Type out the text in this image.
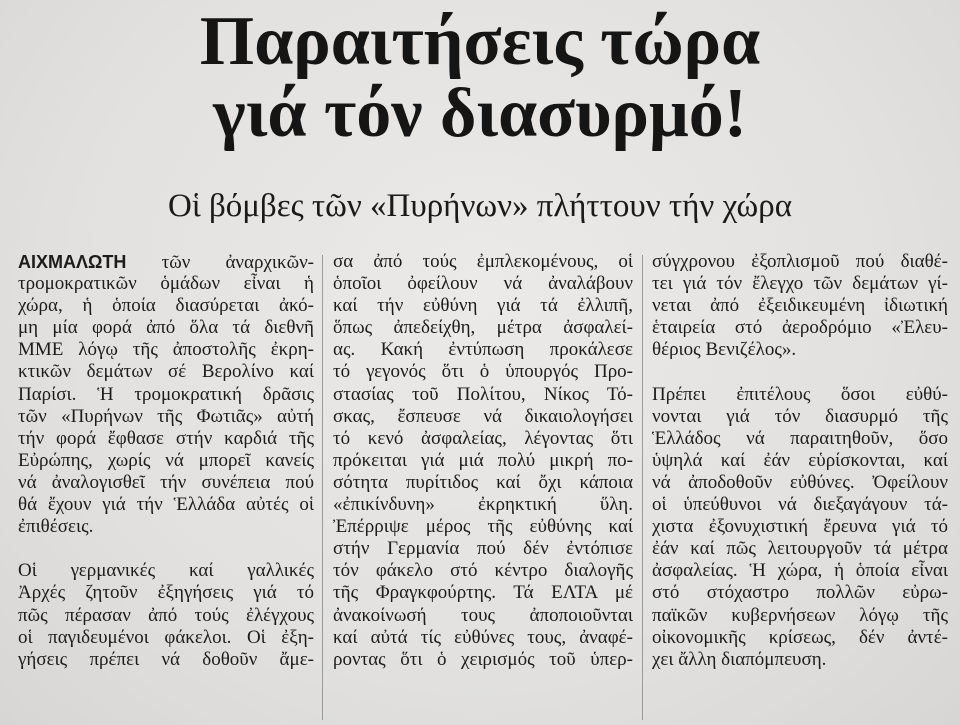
Παραιτήσεις τώρα
γιά τόν διασυρμό!
Οἱ βόμβες τῶν «Πυρήνων» πλήττουν τήν χώρα
ΑΙΧΜΑΛΩΤΗ τῶν ἀναρχικῶν-
τρομοκρατικῶν ὁμάδων εἶναι ἡ
χώρα, ἡ ὁποία διασύρεται ἀκό-
μη μία φορά ἀπό ὅλα τά διεθνῆ
ΜΜΕ λόγῳ τῆς ἀποστολῆς ἐκρη-
κτικῶν δεμάτων σέ Βερολίνο καί
Παρίσι. Ἡ τρομοκρατική δρᾶσις
τῶν «Πυρήνων τῆς Φωτιᾶς» αὐτή
τήν φορά ἔφθασε στήν καρδιά τῆς
Εὐρώπης, χωρίς νά μπορεῖ κανείς
νά ἀναλογισθεῖ τήν συνέπεια πού
θά ἔχουν γιά τήν Ἑλλάδα αὐτές οἱ
ἐπιθέσεις.
Οἱ γερμανικές καί γαλλικές
Ἀρχές ζητοῦν ἐξηγήσεις γιά τό
πῶς πέρασαν ἀπό τούς ἐλέγχους
οἱ παγιδευμένοι φάκελοι. Οἱ ἐξη-
γήσεις πρέπει νά δοθοῦν ἄμε-
σα ἀπό τούς ἐμπλεκομένους, οἱ
ὁποῖοι ὀφείλουν νά ἀναλάβουν
καί τήν εὐθύνη γιά τά ἐλλιπῆ,
ὅπως ἀπεδείχθη, μέτρα ἀσφαλεί-
ας. Κακή ἐντύπωση προκάλεσε
τό γεγονός ὅτι ὁ ὑπουργός Προ-
στασίας τοῦ Πολίτου, Νίκος Τό-
σκας, ἔσπευσε νά δικαιολογήσει
τό κενό ἀσφαλείας, λέγοντας ὅτι
πρόκειται γιά μιά πολύ μικρή πο-
σότητα πυρίτιδος καί ὄχι κάποια
«ἐπικίνδυνη» ἐκρηκτική ὕλη.
Ἐπέρριψε μέρος τῆς εὐθύνης καί
στήν Γερμανία πού δέν ἐντόπισε
τόν φάκελο στό κέντρο διαλογῆς
τῆς Φραγκφούρτης. Τά ΕΛΤΑ μέ
ἀνακοίνωσή τους ἀποποιοῦνται
καί αὐτά τίς εὐθύνες τους, ἀναφέ-
ροντας ὅτι ὁ χειρισμός τοῦ ὑπερ-
σύγχρονου ἐξοπλισμοῦ πού διαθέ-
τει γιά τόν ἔλεγχο τῶν δεμάτων γί-
νεται ἀπό ἐξειδικευμένη ἰδιωτική
ἑταιρεία στό ἀεροδρόμιο «Ἐλευ-
θέριος Βενιζέλος».
Πρέπει ἐπιτέλους ὅσοι εὐθύ-
νονται γιά τόν διασυρμό τῆς
Ἑλλάδος νά παραιτηθοῦν, ὅσο
ὑψηλά καί ἐάν εὑρίσκονται, καί
νά ἀποδοθοῦν εὐθύνες. Ὀφείλουν
οἱ ὑπεύθυνοι νά διεξαγάγουν τά-
χιστα ἐξονυχιστική ἔρευνα γιά τό
ἐάν καί πῶς λειτουργοῦν τά μέτρα
ἀσφαλείας. Ἡ χώρα, ἡ ὁποία εἶναι
στό στόχαστρο πολλῶν εὐρω-
παϊκῶν κυβερνήσεων λόγῳ τῆς
οἰκονομικῆς κρίσεως, δέν ἀντέ-
χει ἄλλη διαπόμπευση.
